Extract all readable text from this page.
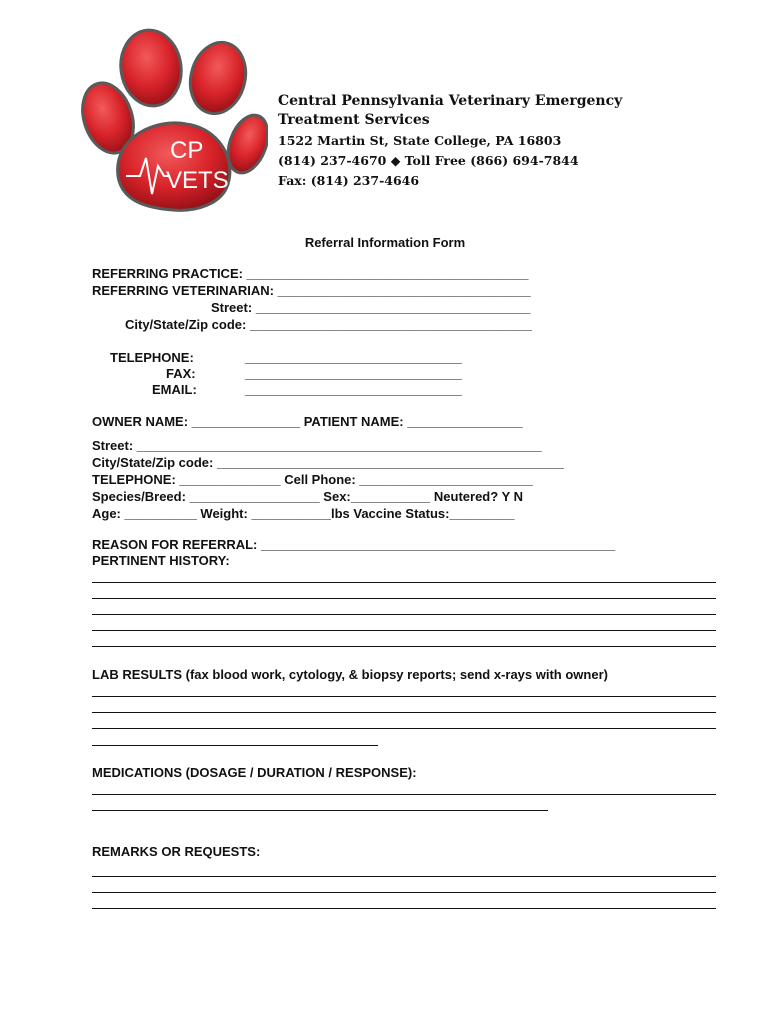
CP
VETS
Central Pennsylvania Veterinary Emergency
Treatment Services
1522 Martin St, State College, PA 16803
(814) 237-4670 ◆ Toll Free (866) 694-7844
Fax: (814) 237-4646
Referral Information Form
REFERRING PRACTICE: _______________________________________
REFERRING VETERINARIAN: ___________________________________
Street: ______________________________________
City/State/Zip code: _______________________________________
TELEPHONE:
FAX:
EMAIL:
______________________________
______________________________
______________________________
OWNER NAME: _______________ PATIENT NAME: ________________
Street: ________________________________________________________
City/State/Zip code: ________________________________________________
TELEPHONE: ______________ Cell Phone: ________________________
Species/Breed: __________________ Sex:___________ Neutered? Y N
Age: __________ Weight: ___________lbs Vaccine Status:_________
REASON FOR REFERRAL: _________________________________________________
PERTINENT HISTORY:
LAB RESULTS (fax blood work, cytology, & biopsy reports; send x-rays with owner)
MEDICATIONS (DOSAGE / DURATION / RESPONSE):
REMARKS OR REQUESTS:
